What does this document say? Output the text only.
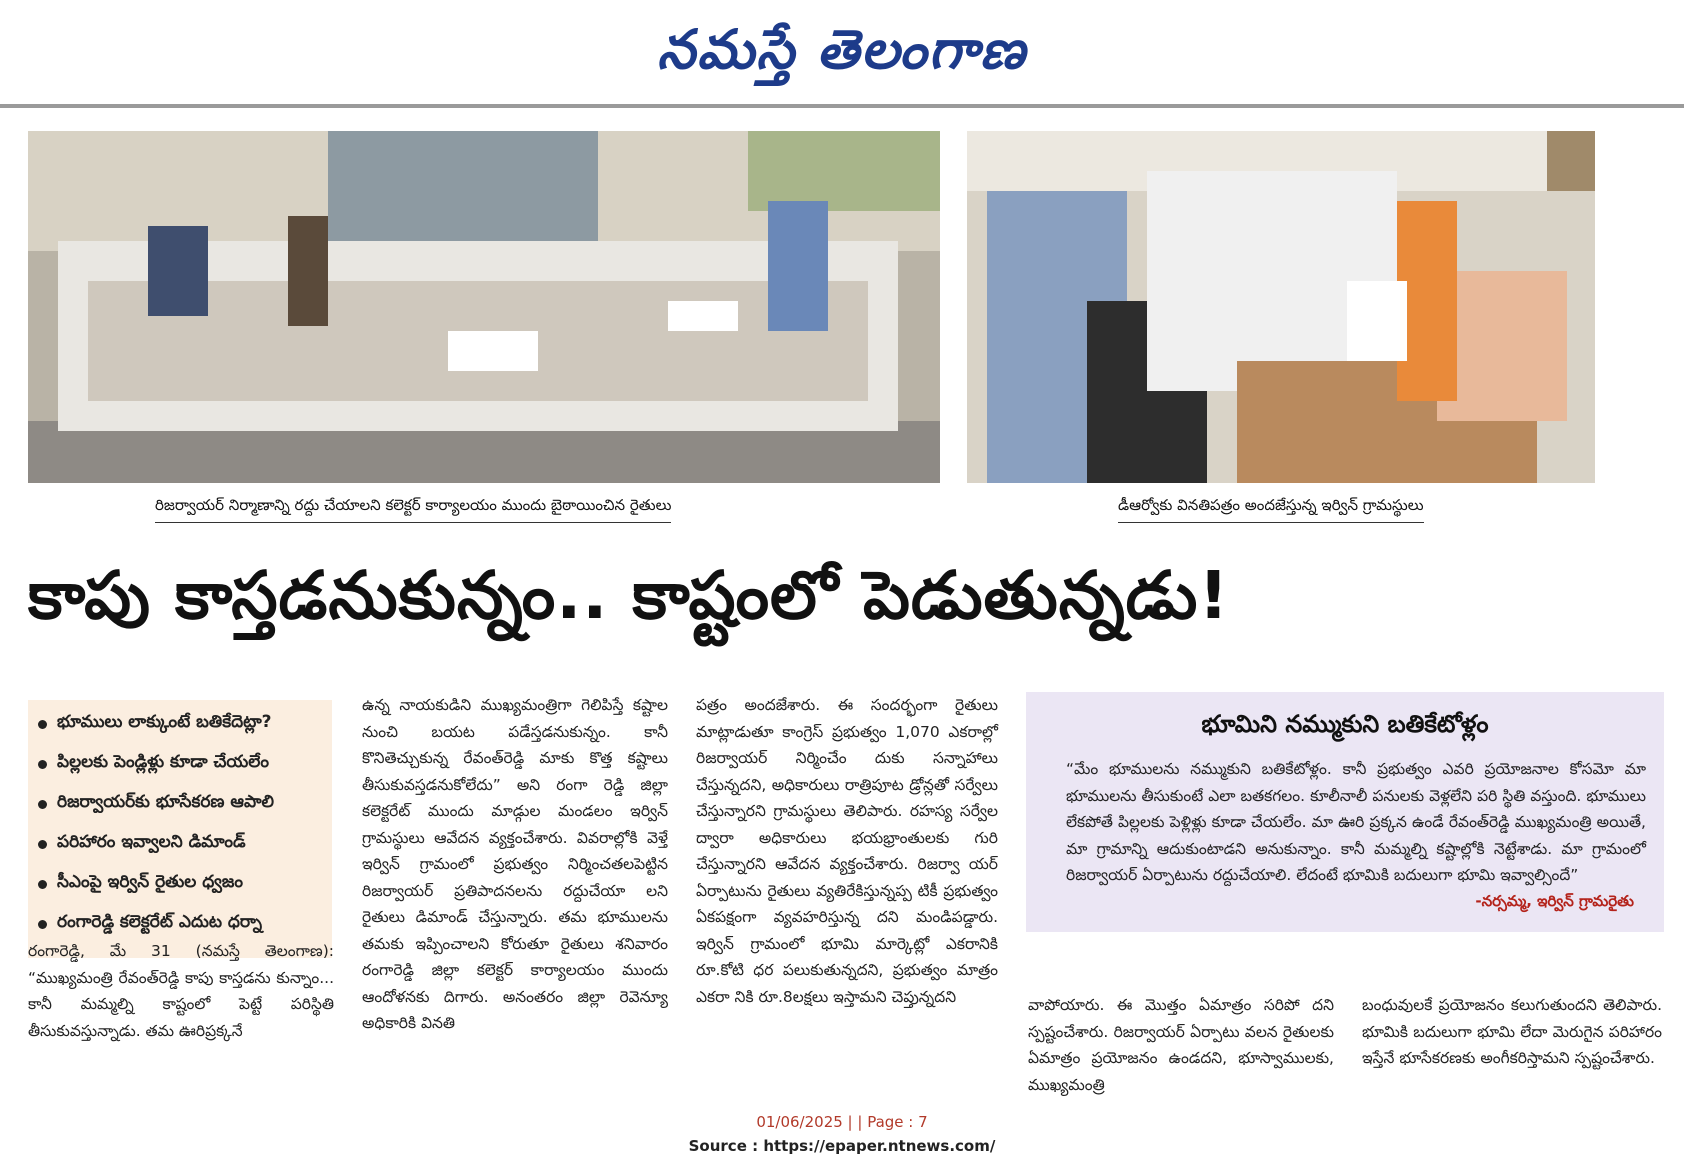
నమస్తే తెలంగాణ
రిజర్వాయర్ నిర్మాణాన్ని రద్దు చేయాలని కలెక్టర్ కార్యాలయం ముందు బైఠాయించిన రైతులు	డీఆర్వోకు వినతిపత్రం అందజేస్తున్న ఇర్విన్ గ్రామస్థులు
కాపు కాస్తడనుకున్నం.. కాష్టంలో పెడుతున్నడు!
భూములు లాక్కుంటే బతికేదెట్లా?
పిల్లలకు పెండ్లిళ్లు కూడా చేయలేం
రిజర్వాయర్‌కు భూసేకరణ ఆపాలి
పరిహారం ఇవ్వాలని డిమాండ్
సీఎంపై ఇర్విన్ రైతుల ధ్వజం
రంగారెడ్డి కలెక్టరేట్ ఎదుట ధర్నా

రంగారెడ్డి, మే 31 (నమస్తే తెలంగాణ): “ముఖ్యమంత్రి రేవంత్‌రెడ్డి కాపు కాస్తడను కున్నాం... కానీ మమ్మల్ని కాష్టంలో పెట్టే పరిస్థితి తీసుకువస్తున్నాడు. తమ ఊరిప్రక్కనే

ఉన్న నాయకుడిని ముఖ్యమంత్రిగా గెలిపిస్తే కష్టాల నుంచి బయట పడేస్తడనుకున్నం. కానీ కొనితెచ్చుకున్న రేవంత్‌రెడ్డి మాకు కొత్త కష్టాలు తీసుకువస్తడనుకోలేదు” అని రంగా రెడ్డి జిల్లా కలెక్టరేట్ ముందు మాడ్గుల మండలం ఇర్విన్ గ్రామస్థులు ఆవేదన వ్యక్తంచేశారు. వివరాల్లోకి వెళ్తే ఇర్విన్ గ్రామంలో ప్రభుత్వం నిర్మించతలపెట్టిన రిజర్వాయర్ ప్రతిపాదనలను రద్దుచేయా లని రైతులు డిమాండ్ చేస్తున్నారు. తమ భూములను తమకు ఇప్పించాలని కోరుతూ రైతులు శనివారం రంగారెడ్డి జిల్లా కలెక్టర్ కార్యాలయం ముందు ఆందోళనకు దిగారు. అనంతరం జిల్లా రెవెన్యూ అధికారికి వినతి

పత్రం అందజేశారు. ఈ సందర్భంగా రైతులు మాట్లాడుతూ కాంగ్రెస్ ప్రభుత్వం 1,070 ఎకరాల్లో రిజర్వాయర్ నిర్మించేం దుకు సన్నాహాలు చేస్తున్నదని, అధికారులు రాత్రిపూట డ్రోన్లతో సర్వేలు చేస్తున్నారని గ్రామస్థులు తెలిపారు. రహస్య సర్వేల ద్వారా అధికారులు భయభ్రాంతులకు గురి చేస్తున్నారని ఆవేదన వ్యక్తంచేశారు. రిజర్వా యర్ ఏర్పాటును రైతులు వ్యతిరేకిస్తున్నప్ప టికీ ప్రభుత్వం ఏకపక్షంగా వ్యవహరిస్తున్న దని మండిపడ్డారు. ఇర్విన్ గ్రామంలో భూమి మార్కెట్లో ఎకరానికి రూ.కోటి ధర పలుకుతున్నదని, ప్రభుత్వం మాత్రం ఎకరా నికి రూ.8లక్షలు ఇస్తామని చెప్తున్నదని

భూమిని నమ్ముకుని బతికేటోళ్లం
“మేం భూములను నమ్ముకుని బతికేటోళ్లం. కానీ ప్రభుత్వం ఎవరి ప్రయోజనాల కోసమో మా భూములను తీసుకుంటే ఎలా బతకగలం. కూలీనాలీ పనులకు వెళ్లలేని పరి స్థితి వస్తుంది. భూములు లేకపోతే పిల్లలకు పెళ్లిళ్లు కూడా చేయలేం. మా ఊరి ప్రక్కన ఉండే రేవంత్‌రెడ్డి ముఖ్యమంత్రి అయితే, మా గ్రామాన్ని ఆదుకుంటాడని అనుకున్నాం. కానీ మమ్మల్ని కష్టాల్లోకి నెట్టేశాడు. మా గ్రామంలో రిజర్వాయర్ ఏర్పాటును రద్దుచేయాలి. లేదంటే భూమికి బదులుగా భూమి ఇవ్వాల్సిందే”
-నర్సమ్మ, ఇర్విన్ గ్రామరైతు

వాపోయారు. ఈ మొత్తం ఏమాత్రం సరిపో దని స్పష్టంచేశారు. రిజర్వాయర్ ఏర్పాటు వలన రైతులకు ఏమాత్రం ప్రయోజనం ఉండదని, భూస్వాములకు, ముఖ్యమంత్రి

బంధువులకే ప్రయోజనం కలుగుతుందని తెలిపారు. భూమికి బదులుగా భూమి లేదా మెరుగైన పరిహారం ఇస్తేనే భూసేకరణకు అంగీకరిస్తామని స్పష్టంచేశారు.

01/06/2025 | | Page : 7
Source : https://epaper.ntnews.com/
